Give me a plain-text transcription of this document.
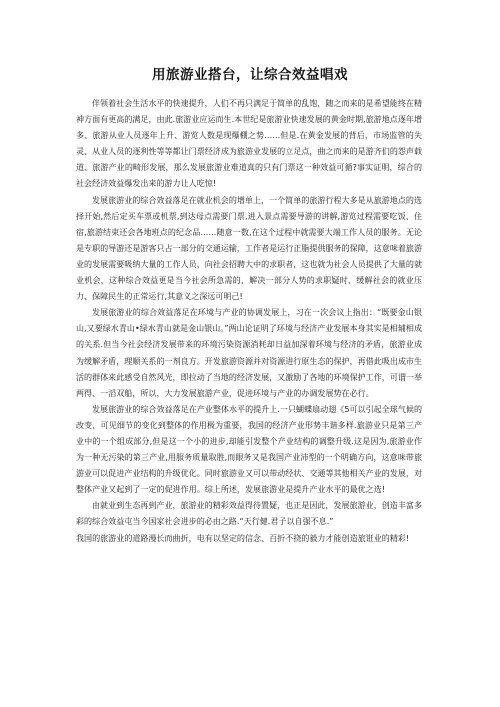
用旅游业搭台，让综合效益唱戏

伴领着社会生活水平的快速提升，人们不再只满足于简单的乱饱，随之而来的是希望能终在精神方面有更高的满足，由此.旅游业应运而生.本世纪是旅游业快速发展的黄金时期,旅游地点逐年增多、旅游从业人员逐年上升、游览人数是现爆棚之势……但是.在黄金发展的背后，市场监管的失灵、从业人员的逐利性等等都让门票经济成为旅游业发展的立足点，曲之而来的是游齐们的怨声载道、旅游产业的畸形发展，那么发展旅游业难道真的只有门票这一种效益可循?事实证明，综合的社会经济效益爆发出来的游力让人吃惊!

发展旅游业的综合效益落足在就业机会的增单上，一个简单的旅游行程大多是从旅游地点的选择开始,然后定买车票或机票,到达母点需要门票,进入景点需要导游的讲解,游览过程需要吃饭、住宿,旅游结束还会各地班点的纪念品……随意一数,在这个过程中就需要大端工作人员的服务。无论是专职的导游还是游客只占一部分的交通运输，工作者是运行正脂提供服务的保障，这意味着旅游业的发展需要吸纳大量的工作人员，向社会招聘大中的求职者，这也就为社会人员提供了大量的就业机会，这种综合效益更是当今社会所急需的，解决一部分人势的求职疑时、缓解社会的就业压力、保障民生的正常运行,其意义之深远可明己!

发展旅游业的综合效益落足在环境与产业的协调发展上，习在一次会议上指出：“既要金山银山,又要绿水青山•绿水青山就是金山银山。”两山论证明了环境与经济产业发展本身其实是相辅相成的关系.但当今社会经济发展带来的环境污染资源消耗却日益加深着环境与经济的矛盾，旅游业成为缓解矛盾，理顺关系的一剂良方。开发旅游资源并对资源进行原生态的保护，再借此吸出成市生活的群体来此感受自然风光，即拉动了当地的经济发展，又激励了各地的环境保护工作，可谓一举两得、一滔双船，所以，大力发展旅游产业，促进环境与产业的办调发展势在必行。

发展旅游业的综合效益落足在产业整体水平的提升上.一只蝴蝶扇动翅《5可以引起全球气候的改变，可见细节的变化到整体的作用极为重要，我国的经济产业形势丰谐多样.旅游业只是第三产业中的一个组成部分,但是这一个小的进步,却能引发整个产业结构的调整升级.这是因为,旅游业作为一种无污染的第三产业,用服务质量取胜,而眼务又是我国产业沛型的一个明确方向，这意味带旅游业可以促进产业结构的升级优化。同时旅游业又可以带动经状、交通等其他相关产业的发展，对整体产业又起到了一定的促进作用。综上所述，发展旅游业是提升产业水平的最优之选!

由就业到生态再到产业，旅游业的精彩效益得待置疑，也正是因此，发展旅游业，创造丰富多彩的综合效益屯当今国家社会进步的必由之路.“天行健.君子以自强不息.”

我国的旅游业的道路漫长而曲折，电有以坚定的信念、百折不挠的毅力才能创造旅诳业的精彩!
